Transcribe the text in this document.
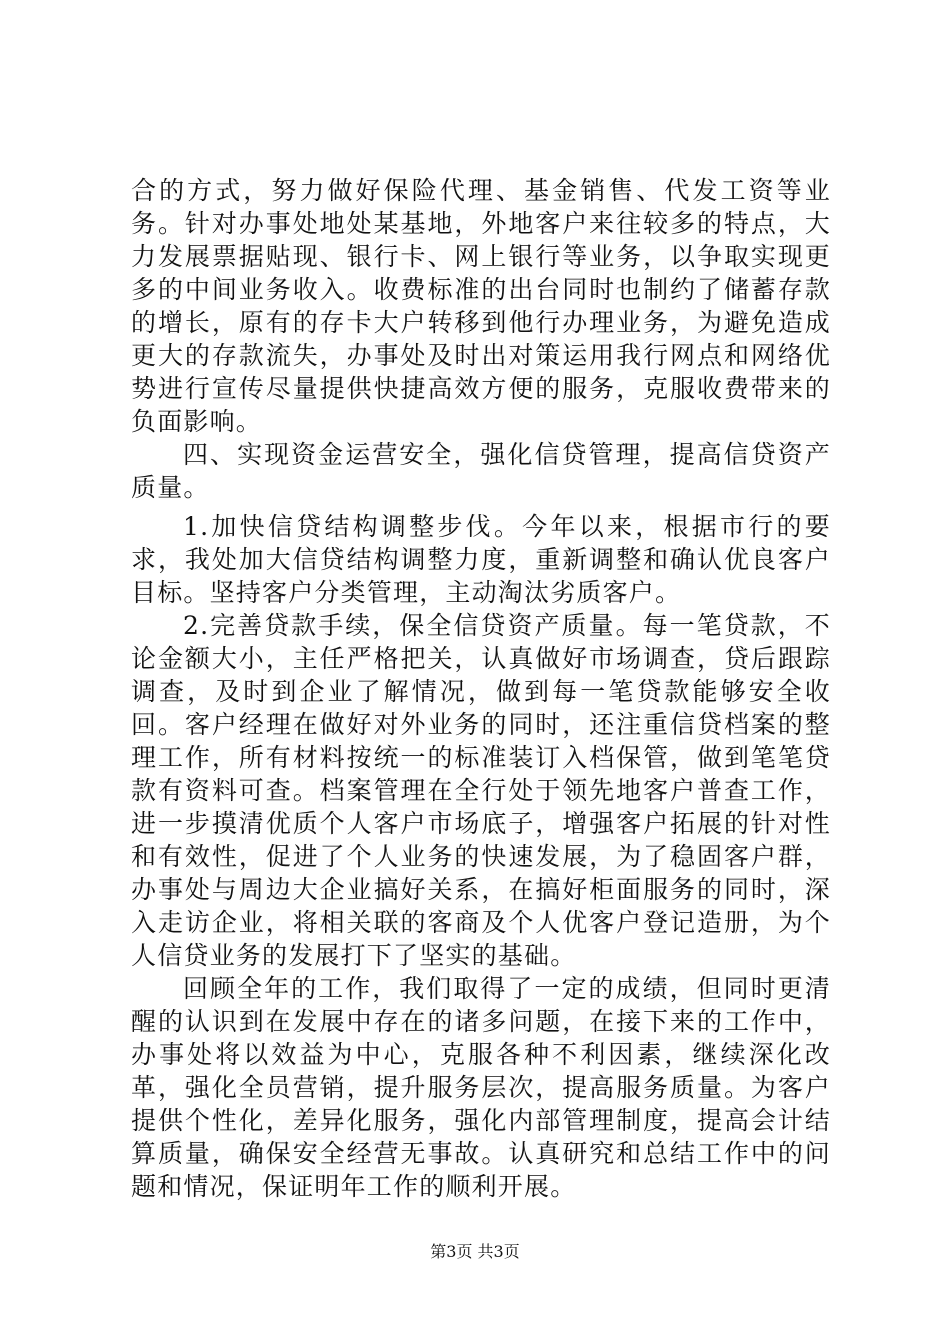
合的方式，努力做好保险代理、基金销售、代发工资等业务。针对办事处地处某基地，外地客户来往较多的特点，大力发展票据贴现、银行卡、网上银行等业务，以争取实现更多的中间业务收入。收费标准的出台同时也制约了储蓄存款的增长，原有的存卡大户转移到他行办理业务，为避免造成更大的存款流失，办事处及时出对策运用我行网点和网络优势进行宣传尽量提供快捷高效方便的服务，克服收费带来的负面影响。

四、实现资金运营安全，强化信贷管理，提高信贷资产质量。

1.加快信贷结构调整步伐。今年以来，根据市行的要求，我处加大信贷结构调整力度，重新调整和确认优良客户目标。坚持客户分类管理，主动淘汰劣质客户。

2.完善贷款手续，保全信贷资产质量。每一笔贷款，不论金额大小，主任严格把关，认真做好市场调查，贷后跟踪调查，及时到企业了解情况，做到每一笔贷款能够安全收回。客户经理在做好对外业务的同时，还注重信贷档案的整理工作，所有材料按统一的标准装订入档保管，做到笔笔贷款有资料可查。档案管理在全行处于领先地客户普查工作，进一步摸清优质个人客户市场底子，增强客户拓展的针对性和有效性，促进了个人业务的快速发展，为了稳固客户群，办事处与周边大企业搞好关系，在搞好柜面服务的同时，深入走访企业，将相关联的客商及个人优客户登记造册，为个人信贷业务的发展打下了坚实的基础。

回顾全年的工作，我们取得了一定的成绩，但同时更清醒的认识到在发展中存在的诸多问题，在接下来的工作中，办事处将以效益为中心，克服各种不利因素，继续深化改革，强化全员营销，提升服务层次，提高服务质量。为客户提供个性化，差异化服务，强化内部管理制度，提高会计结算质量，确保安全经营无事故。认真研究和总结工作中的问题和情况，保证明年工作的顺利开展。

第3页 共3页
